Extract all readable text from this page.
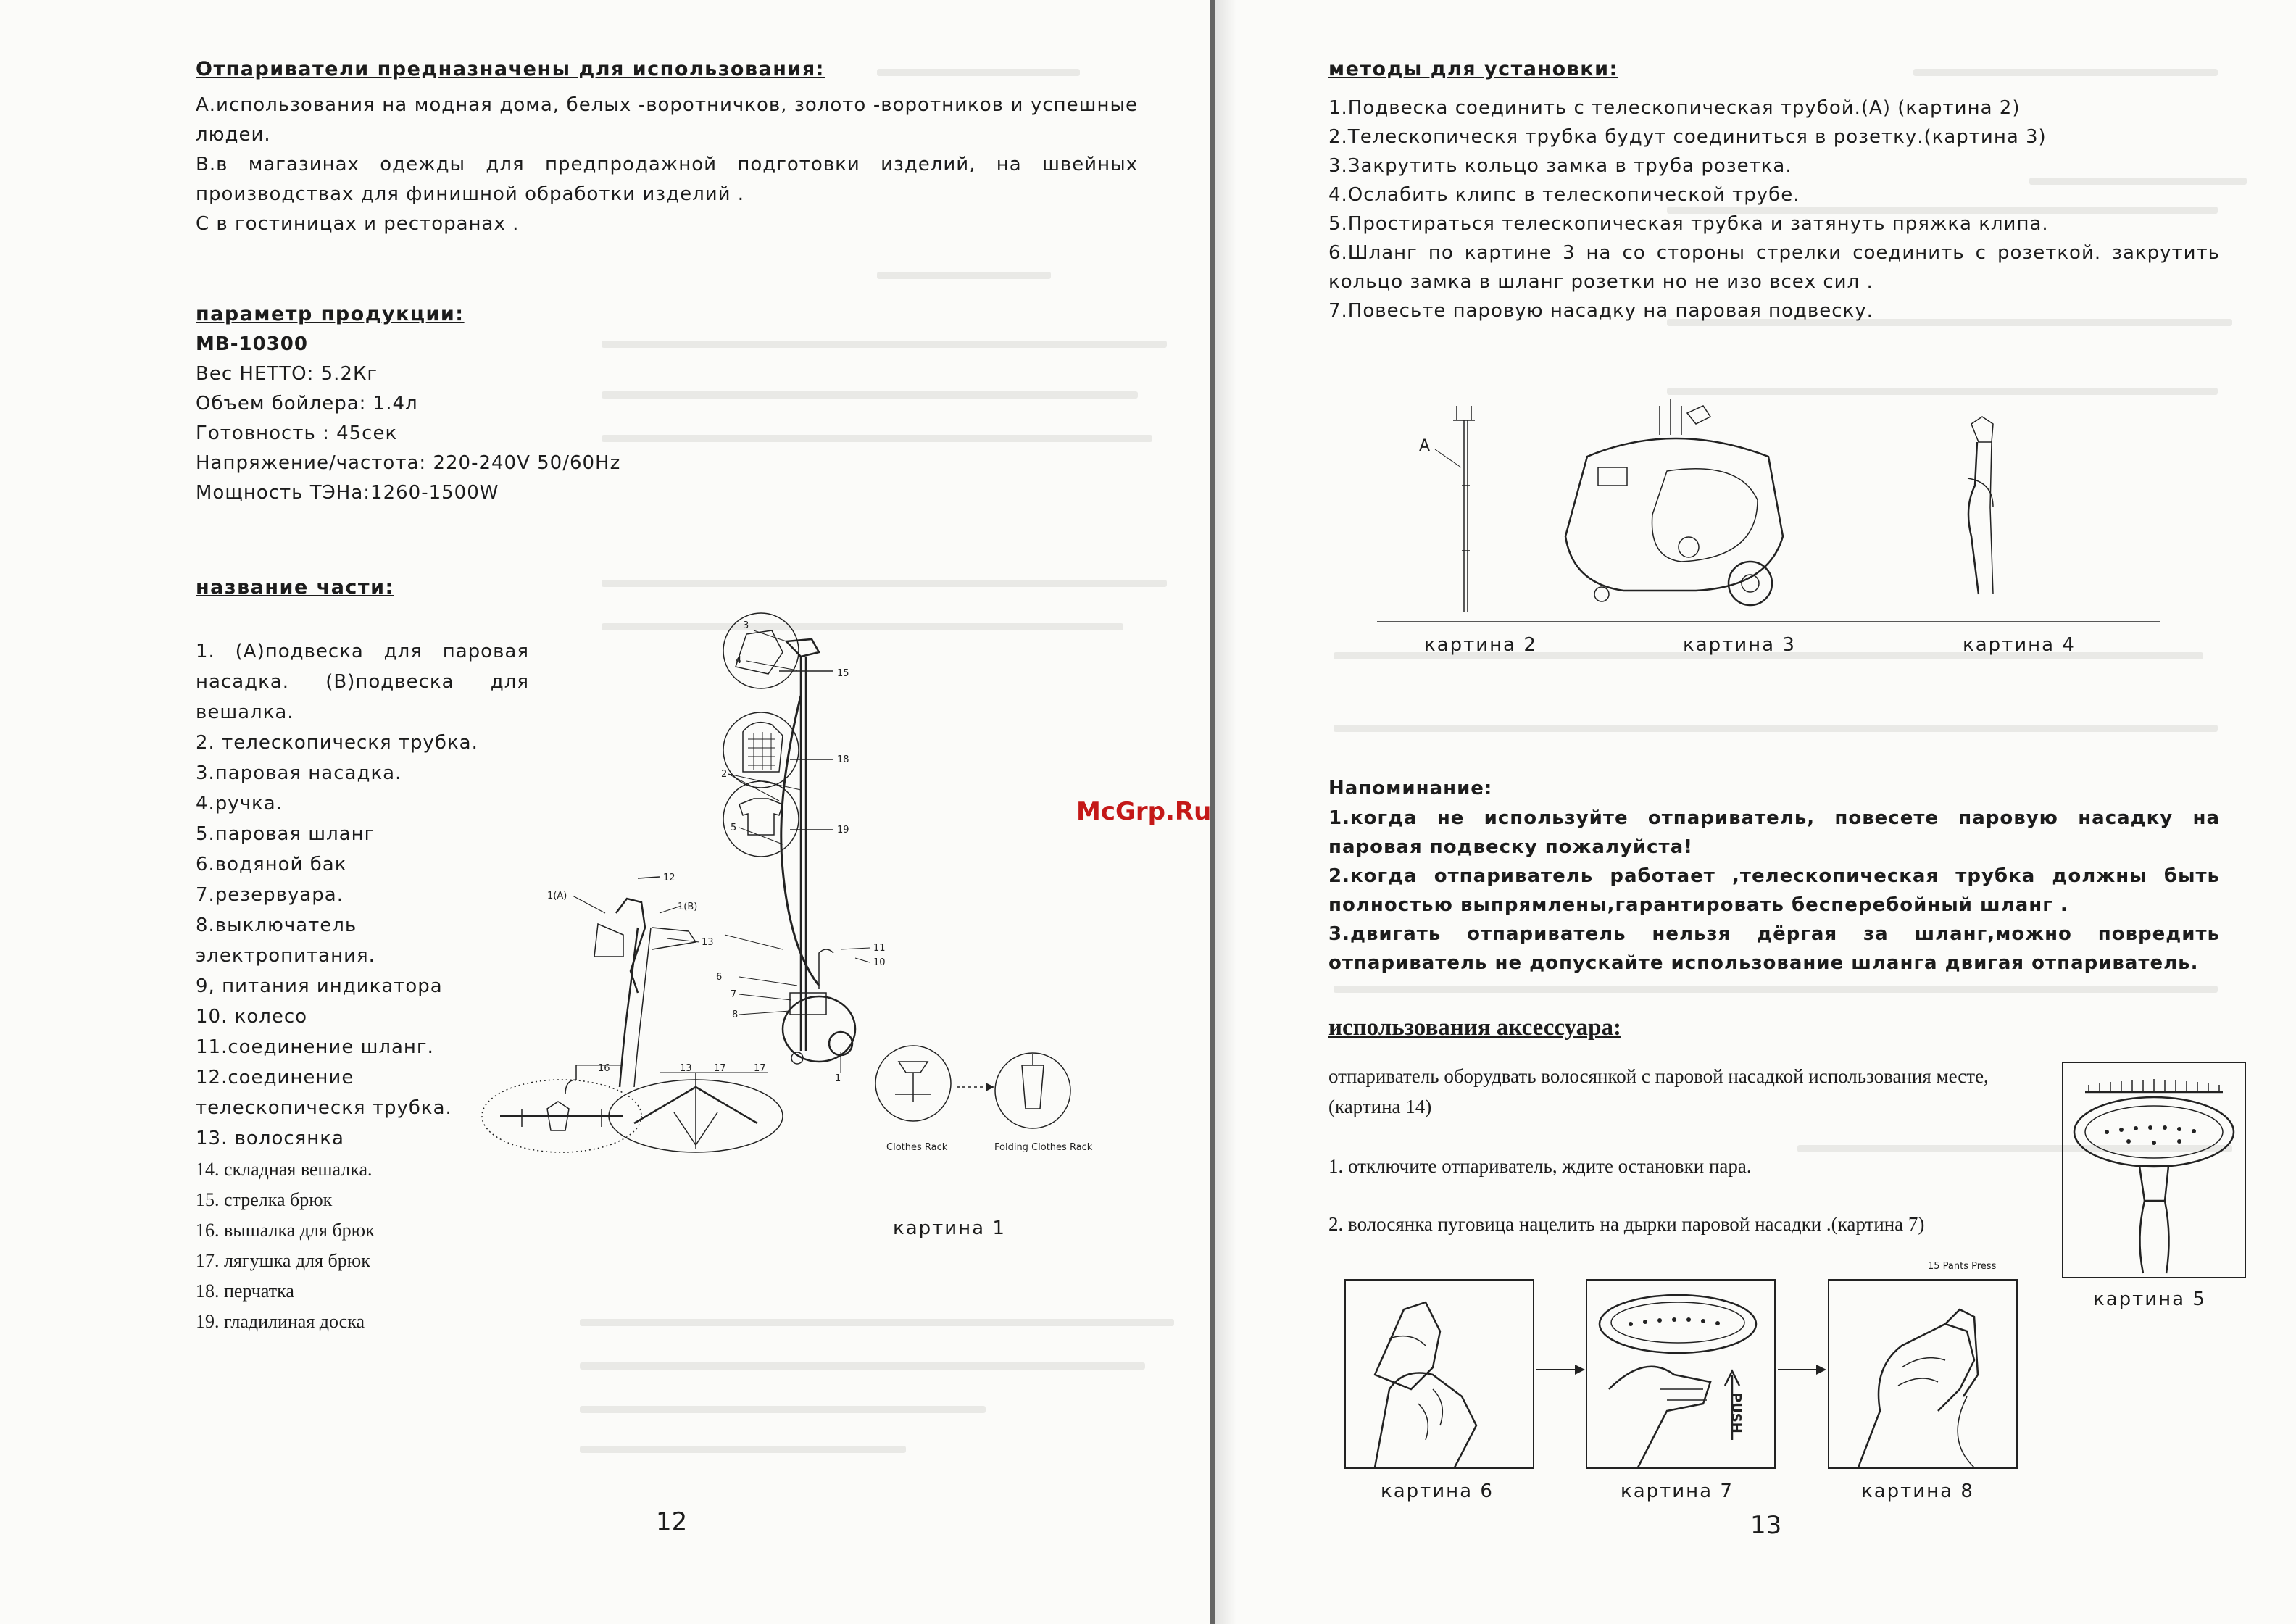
Отпариватели предназначены для использования:
А.использования на модная дома, белых -воротничков, золото -воротников и успешные людеи.
В.в магазинах одежды для предпродажной подготовки изделий, на швейных производствах для финишной обработки изделий .
С в гостиницах и ресторанах .
параметр продукции:
МВ-10300
Вес НЕТТО: 5.2Кг
Объем бойлера: 1.4л
Готовность : 45сек
Напряжение/частота: 220-240V 50/60Hz
Мощность ТЭНа:1260-1500W
название части:
1. (А)подвеска для паровая насадка. (В)подвеска для вешалка.
2. телескопическя трубка.
3.паровая насадка.
4.ручка.
5.паровая шланг
6.водяной бак
7.резервуара.
8.выключатель электропитания.
9, питания индикатора
10. колесо
11.соединение шланг.
12.соединение телескопическя трубка.
13. волосянка
14. складная вешалка.
15. стрелка брюк
16. вышалка для брюк
17. лягушка для брюк
18. перчатка
19. гладилиная доска
3
4
15
18
2
19
5
12
1(B)
1(A)
13
11
10
6
7
8
1
16	13 17	17
Clothes Rack	Folding Clothes Rack
картина 1
12
McGrp.Ru
методы для установки:
1.Подвеска соединить с телескопическая трубой.(А) (картина 2)
2.Телескопическя трубка будут соединиться в розетку.(картина 3)
3.Закрутить кольцо замка в труба розетка.
4.Ослабить клипс в телескопической трубе.
5.Простираться телескопическая трубка и затянуть пряжка клипа.
6.Шланг по картине 3 на со стороны стрелки соединить с розеткой. закрутить кольцо замка в шланг розетки но не изо всех сил .
7.Повесьте паровую насадку на паровая подвеску.
A
картина 2	картина 3	картина 4
Напоминание:
1.когда не используйте отпариватель, повесете паровую насадку на паровая подвеску пожалуйста!
2.когда отпариватель работает ,телескопическая трубка должны быть полностью выпрямлены,гарантировать бесперебойный шланг .
3.двигать отпариватель нельзя дёргая за шланг,можно повредить отпариватель не допускайте использование шланга двигая отпариватель.
использования аксессуара:
отпариватель оборудвать волосянкой с паровой насадкой использования месте,(картина 14)
1. отключите отпариватель, ждите остановки пара.
2. волосянка пуговица нацелить на дырки паровой насадки .(картина 7)
картина 5
PUSH
15 Pants Press
картина 6	картина 7	картина 8
13
